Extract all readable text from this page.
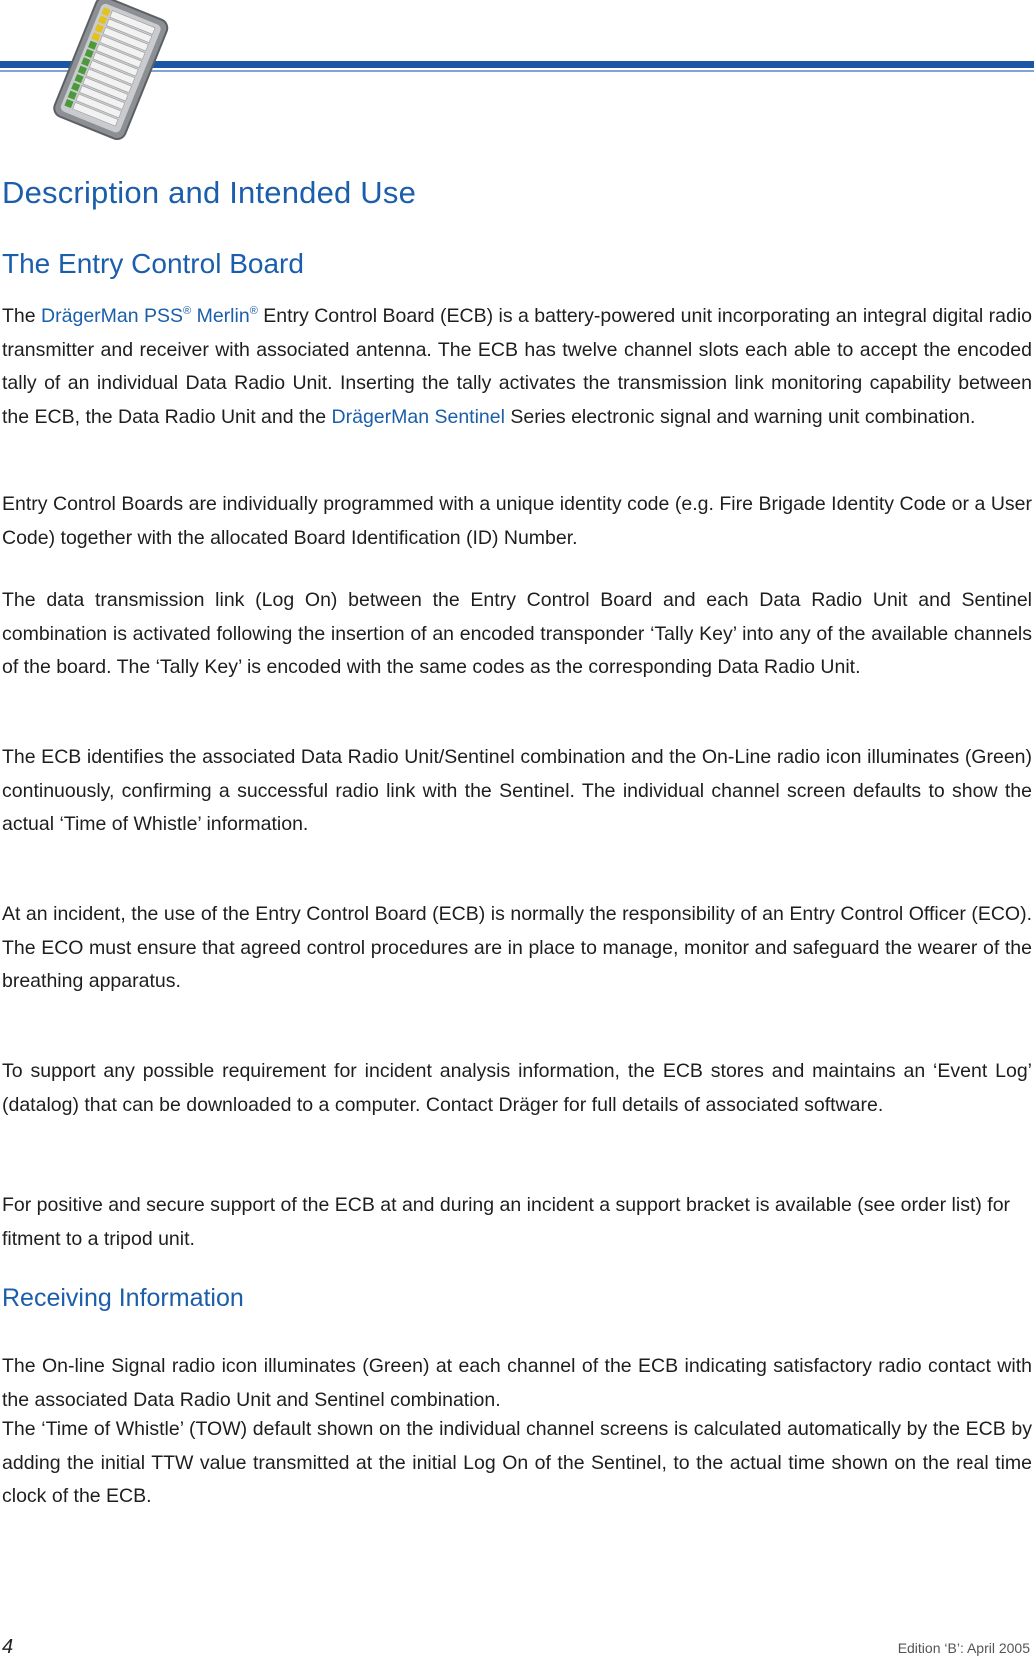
Description and Intended Use
The Entry Control Board

The DrägerMan PSS® Merlin® Entry Control Board (ECB) is a battery-powered unit incorporating an integral digital radio transmitter and receiver with associated antenna. The ECB has twelve channel slots each able to accept the encoded tally of an individual Data Radio Unit. Inserting the tally activates the transmission link monitoring capability between the ECB, the Data Radio Unit and the DrägerMan Sentinel Series electronic signal and warning unit combination.

Entry Control Boards are individually programmed with a unique identity code (e.g. Fire Brigade Identity Code or a User Code) together with the allocated Board Identification (ID) Number.

The data transmission link (Log On) between the Entry Control Board and each Data Radio Unit and Sentinel combination is activated following the insertion of an encoded transponder ‘Tally Key’ into any of the available channels of the board. The ‘Tally Key’ is encoded with the same codes as the corresponding Data Radio Unit.

The ECB identifies the associated Data Radio Unit/Sentinel combination and the On-Line radio icon illuminates (Green) continuously, confirming a successful radio link with the Sentinel. The individual channel screen defaults to show the actual ‘Time of Whistle’ information.

At an incident, the use of the Entry Control Board (ECB) is normally the responsibility of an Entry Control Officer (ECO). The ECO must ensure that agreed control procedures are in place to manage, monitor and safeguard the wearer of the breathing apparatus.

To support any possible requirement for incident analysis information, the ECB stores and maintains an ‘Event Log’ (datalog) that can be downloaded to a computer. Contact Dräger for full details of associated software.

For positive and secure support of the ECB at and during an incident a support bracket is available (see order list) for fitment to a tripod unit.

Receiving Information

The On-line Signal radio icon illuminates (Green) at each channel of the ECB indicating satisfactory radio contact with the associated Data Radio Unit and Sentinel combination.

The ‘Time of Whistle’ (TOW) default shown on the individual channel screens is calculated automatically by the ECB by adding the initial TTW value transmitted at the initial Log On of the Sentinel, to the actual time shown on the real time clock of the ECB.

4	Edition ‘B’: April 2005
